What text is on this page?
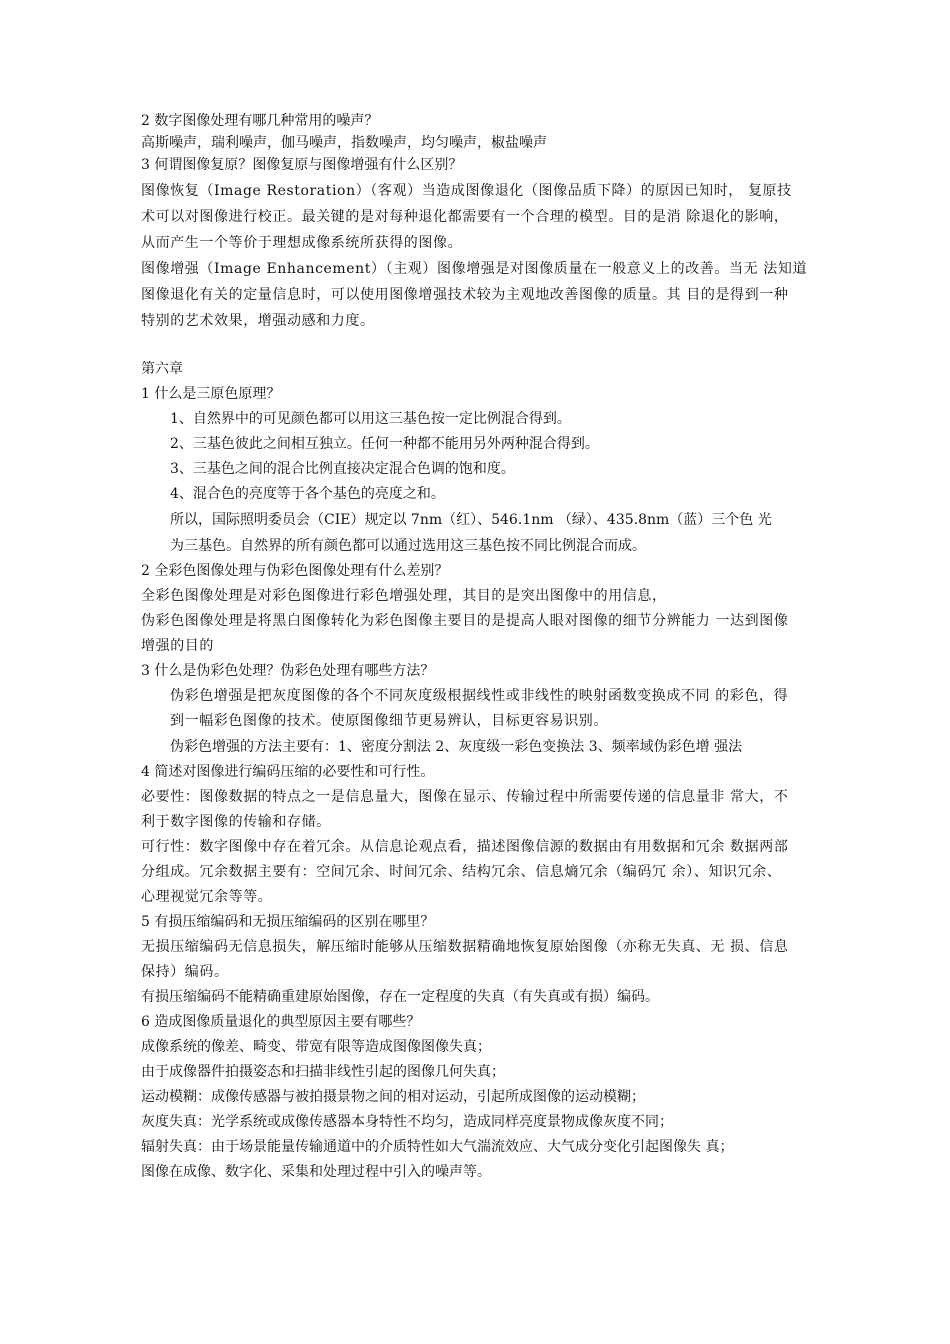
2 数字图像处理有哪几种常用的噪声？
高斯噪声，瑞利噪声，伽马噪声，指数噪声，均匀噪声，椒盐噪声
3 何谓图像复原？图像复原与图像增强有什么区别？
图像恢复（Image Restoration）（客观）当造成图像退化（图像品质下降）的原因已知时， 复原技
术可以对图像进行校正。最关键的是对每种退化都需要有一个合理的模型。目的是消 除退化的影响，
从而产生一个等价于理想成像系统所获得的图像。
图像增强（Image Enhancement）（主观）图像增强是对图像质量在一般意义上的改善。当无 法知道
图像退化有关的定量信息时，可以使用图像增强技术较为主观地改善图像的质量。其 目的是得到一种
特别的艺术效果，增强动感和力度。
第六章
1 什么是三原色原理？
1、自然界中的可见颜色都可以用这三基色按一定比例混合得到。
2、三基色彼此之间相互独立。任何一种都不能用另外两种混合得到。
3、三基色之间的混合比例直接决定混合色调的饱和度。
4、混合色的亮度等于各个基色的亮度之和。
所以，国际照明委员会（CIE）规定以 7nm（红）、546.1nm （绿）、435.8nm（蓝）三个色 光
为三基色。自然界的所有颜色都可以通过选用这三基色按不同比例混合而成。
2 全彩色图像处理与伪彩色图像处理有什么差别？
全彩色图像处理是对彩色图像进行彩色增强处理，其目的是突出图像中的用信息，
伪彩色图像处理是将黑白图像转化为彩色图像主要目的是提高人眼对图像的细节分辨能力 一达到图像
增强的目的
3 什么是伪彩色处理？伪彩色处理有哪些方法？
伪彩色增强是把灰度图像的各个不同灰度级根据线性或非线性的映射函数变换成不同 的彩色，得
到一幅彩色图像的技术。使原图像细节更易辨认，目标更容易识别。
伪彩色增强的方法主要有：1、密度分割法 2、灰度级一彩色变换法 3、频率域伪彩色增 强法
4 简述对图像进行编码压缩的必要性和可行性。
必要性：图像数据的特点之一是信息量大，图像在显示、传输过程中所需要传递的信息量非 常大，不
利于数字图像的传输和存储。
可行性：数字图像中存在着冗余。从信息论观点看，描述图像信源的数据由有用数据和冗余 数据两部
分组成。冗余数据主要有：空间冗余、时间冗余、结构冗余、信息熵冗余（编码冗 余）、知识冗余、
心理视觉冗余等等。
5 有损压缩编码和无损压缩编码的区别在哪里？
无损压缩编码无信息损失，解压缩时能够从压缩数据精确地恢复原始图像（亦称无失真、无 损、信息
保持）编码。
有损压缩编码不能精确重建原始图像，存在一定程度的失真（有失真或有损）编码。
6 造成图像质量退化的典型原因主要有哪些？
成像系统的像差、畸变、带宽有限等造成图像图像失真；
由于成像器件拍摄姿态和扫描非线性引起的图像几何失真；
运动模糊：成像传感器与被拍摄景物之间的相对运动，引起所成图像的运动模糊；
灰度失真：光学系统或成像传感器本身特性不均匀，造成同样亮度景物成像灰度不同；
辐射失真：由于场景能量传输通道中的介质特性如大气湍流效应、大气成分变化引起图像失 真；
图像在成像、数字化、采集和处理过程中引入的噪声等。
